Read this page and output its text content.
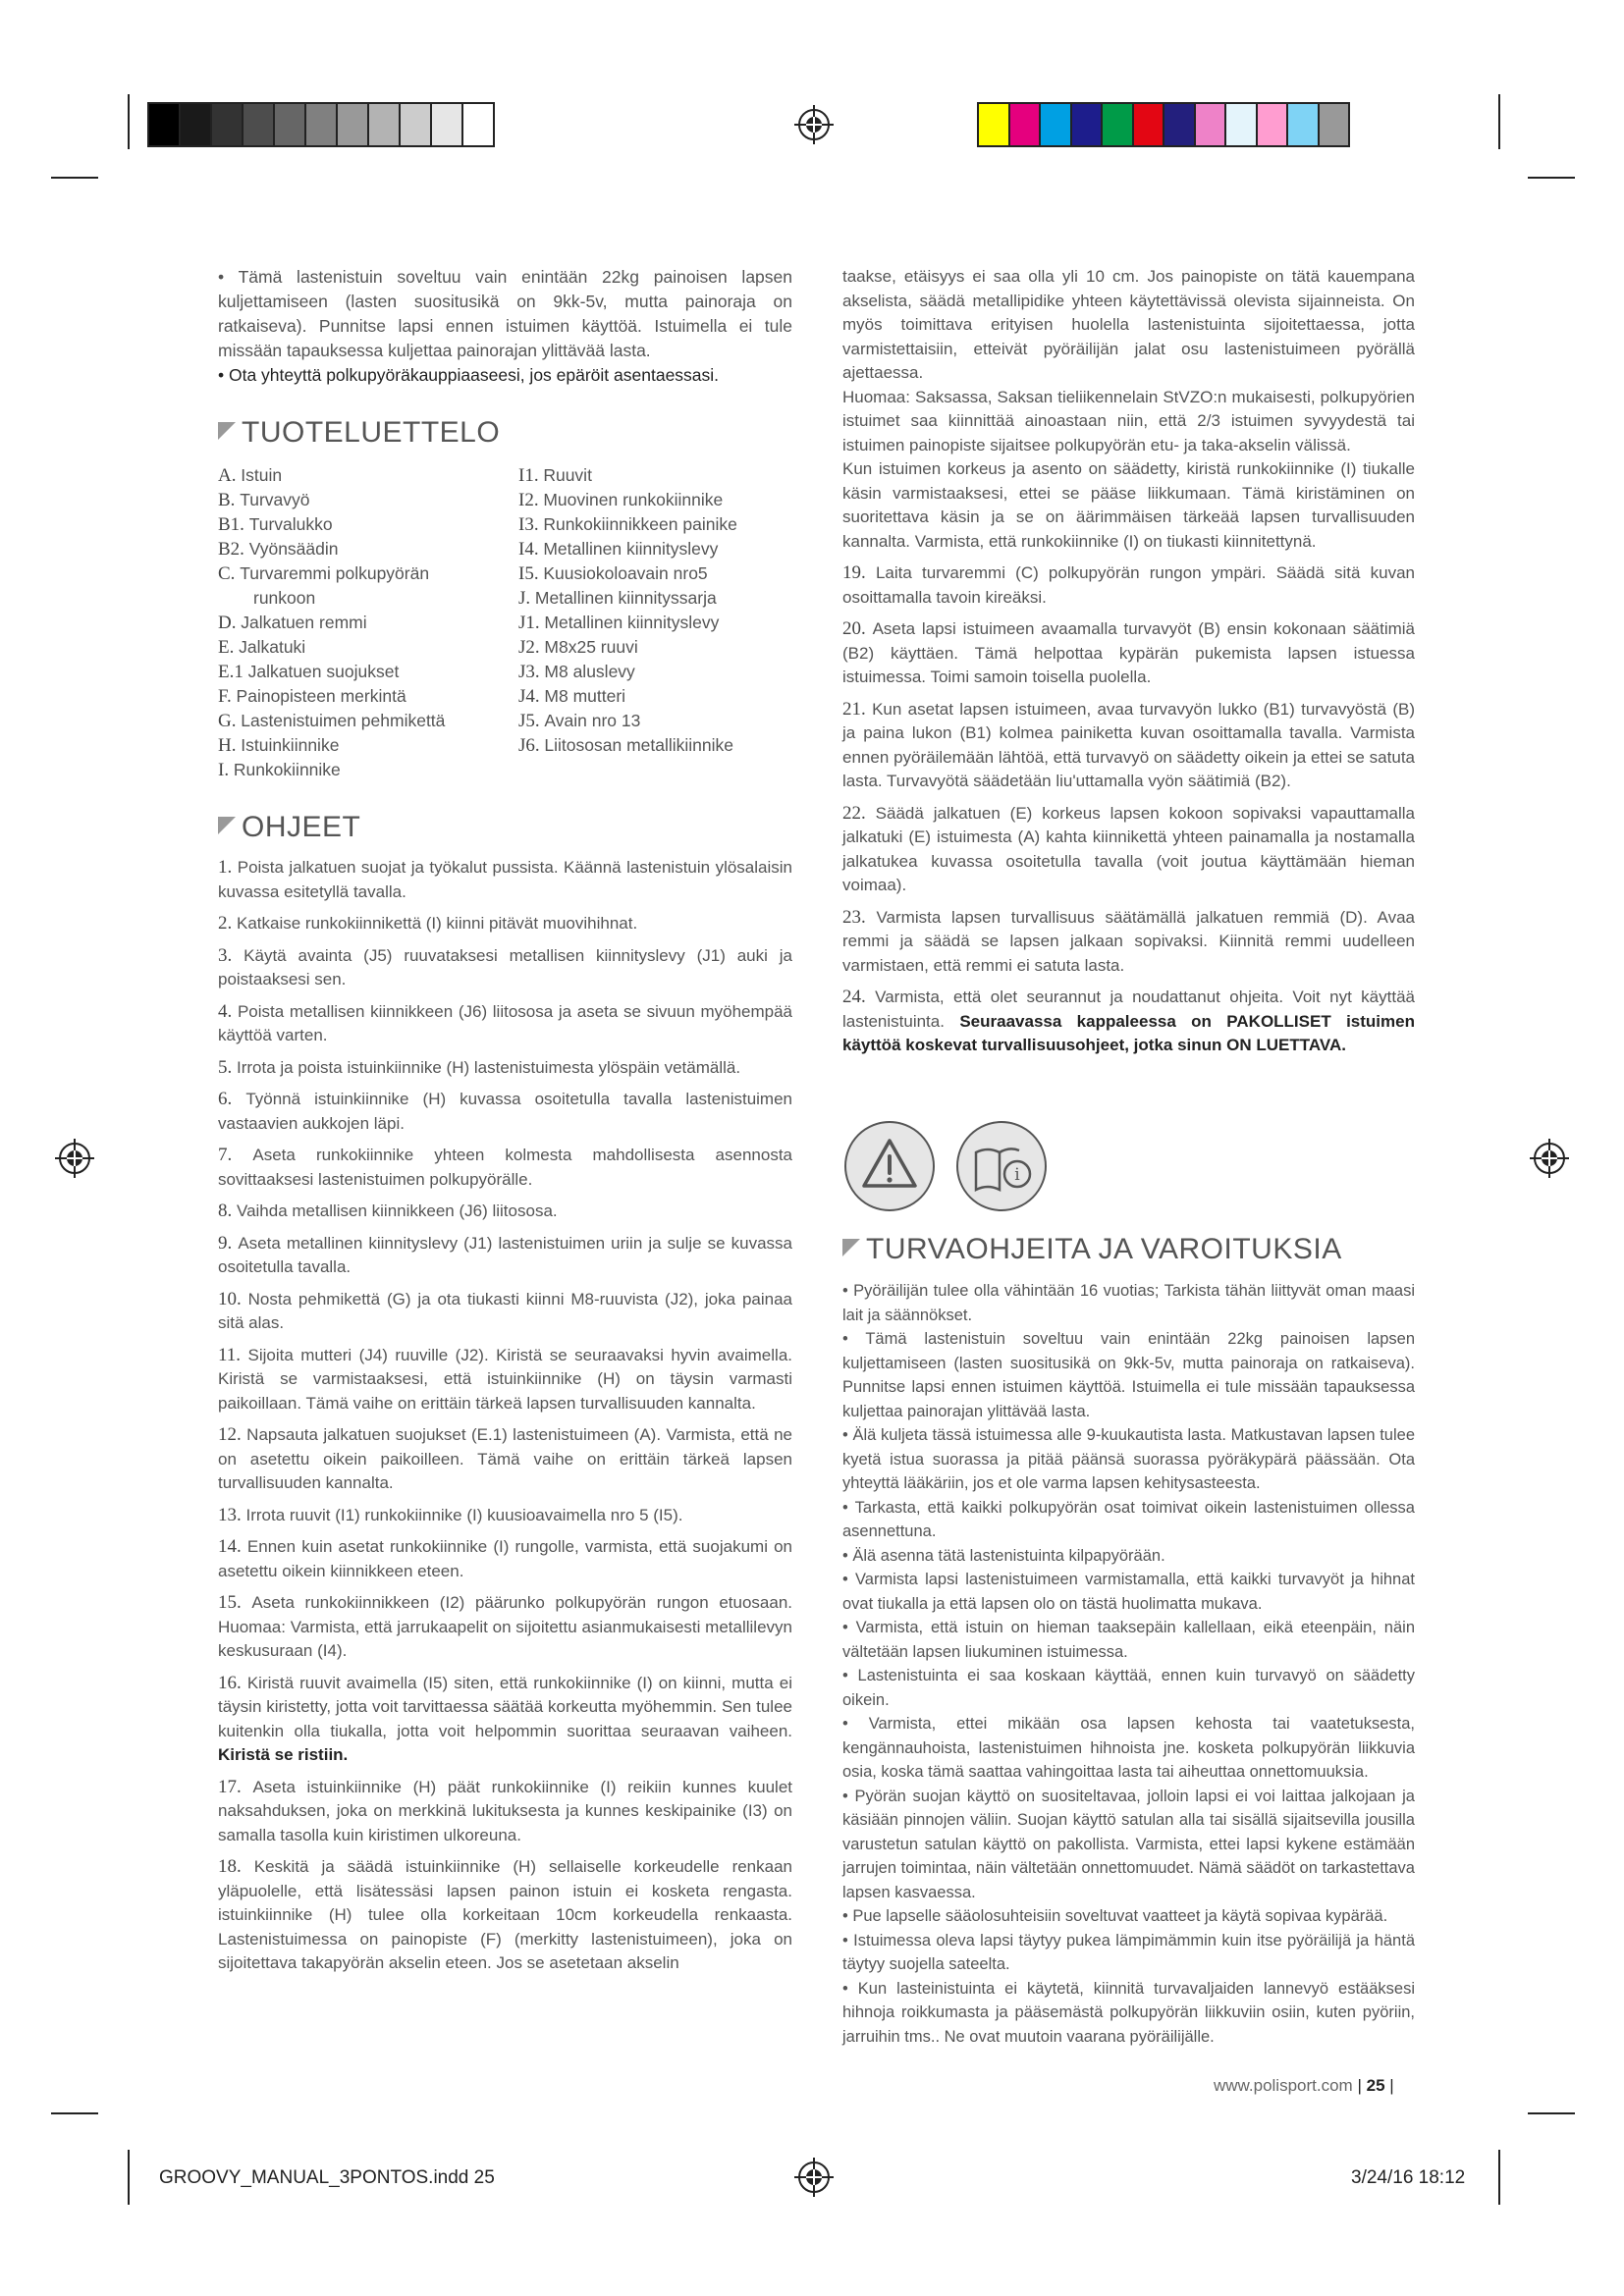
• Tämä lastenistuin soveltuu vain enintään 22kg painoisen lapsen kuljettamiseen (lasten suositusikä on 9kk-5v, mutta painoraja on ratkaiseva). Punnitse lapsi ennen istuimen käyttöä. Istuimella ei tule missään tapauksessa kuljettaa painorajan ylittävää lasta.

• Ota yhteyttä polkupyöräkauppiaaseesi, jos epäröit asentaessasi.

TUOTELUETTELO
A. Istuin
B. Turvavyö
B1. Turvalukko
B2. Vyönsäädin
C. Turvaremmi polkupyörän
runkoon
D. Jalkatuen remmi
E. Jalkatuki
E.1 Jalkatuen suojukset
F. Painopisteen merkintä
G. Lastenistuimen pehmikettä
H. Istuinkiinnike
I. Runkokiinnike
I1. Ruuvit
I2. Muovinen runkokiinnike
I3. Runkokiinnikkeen painike
I4. Metallinen kiinnityslevy
I5. Kuusiokoloavain nro5
J. Metallinen kiinnityssarja
J1. Metallinen kiinnityslevy
J2. M8x25 ruuvi
J3. M8 aluslevy
J4. M8 mutteri
J5. Avain nro 13
J6. Liitososan metallikiinnike
OHJEET

1. Poista jalkatuen suojat ja työkalut pussista. Käännä lastenistuin ylösalaisin kuvassa esitetyllä tavalla.

2. Katkaise runkokiinnikettä (I) kiinni pitävät muovihihnat.

3. Käytä avainta (J5) ruuvataksesi metallisen kiinnityslevy (J1) auki ja poistaaksesi sen.

4. Poista metallisen kiinnikkeen (J6) liitososa ja aseta se sivuun myöhempää käyttöä varten.

5. Irrota ja poista istuinkiinnike (H) lastenistuimesta ylöspäin vetämällä.

6. Työnnä istuinkiinnike (H) kuvassa osoitetulla tavalla lastenistuimen vastaavien aukkojen läpi.

7. Aseta runkokiinnike yhteen kolmesta mahdollisesta asennosta sovittaaksesi lastenistuimen polkupyörälle.

8. Vaihda metallisen kiinnikkeen (J6) liitososa.

9. Aseta metallinen kiinnityslevy (J1) lastenistuimen uriin ja sulje se kuvassa osoitetulla tavalla.

10. Nosta pehmikettä (G) ja ota tiukasti kiinni M8-ruuvista (J2), joka painaa sitä alas.

11. Sijoita mutteri (J4) ruuville (J2). Kiristä se seuraavaksi hyvin avaimella. Kiristä se varmistaaksesi, että istuinkiinnike (H) on täysin varmasti paikoillaan. Tämä vaihe on erittäin tärkeä lapsen turvallisuuden kannalta.

12. Napsauta jalkatuen suojukset (E.1) lastenistuimeen (A). Varmista, että ne on asetettu oikein paikoilleen. Tämä vaihe on erittäin tärkeä lapsen turvallisuuden kannalta.

13. Irrota ruuvit (I1) runkokiinnike (I) kuusioavaimella nro 5 (I5).

14. Ennen kuin asetat runkokiinnike (I) rungolle, varmista, että suojakumi on asetettu oikein kiinnikkeen eteen.

15. Aseta runkokiinnikkeen (I2) päärunko polkupyörän rungon etuosaan. Huomaa: Varmista, että jarrukaapelit on sijoitettu asianmukaisesti metallilevyn keskusuraan (I4).

16. Kiristä ruuvit avaimella (I5) siten, että runkokiinnike (I) on kiinni, mutta ei täysin kiristetty, jotta voit tarvittaessa säätää korkeutta myöhemmin. Sen tulee kuitenkin olla tiukalla, jotta voit helpommin suorittaa seuraavan vaiheen. Kiristä se ristiin.

17. Aseta istuinkiinnike (H) päät runkokiinnike (I) reikiin kunnes kuulet naksahduksen, joka on merkkinä lukituksesta ja kunnes keskipainike (I3) on samalla tasolla kuin kiristimen ulkoreuna.

18. Keskitä ja säädä istuinkiinnike (H) sellaiselle korkeudelle renkaan yläpuolelle, että lisätessäsi lapsen painon istuin ei kosketa rengasta. istuinkiinnike (H) tulee olla korkeitaan 10cm korkeudella renkaasta. Lastenistuimessa on painopiste (F) (merkitty lastenistuimeen), joka on sijoitettava takapyörän akselin eteen. Jos se asetetaan akselin

taakse, etäisyys ei saa olla yli 10 cm. Jos painopiste on tätä kauempana akselista, säädä metallipidike yhteen käytettävissä olevista sijainneista. On myös toimittava erityisen huolella lastenistuinta sijoitettaessa, jotta varmistettaisiin, etteivät pyöräilijän jalat osu lastenistuimeen pyörällä ajettaessa.

Huomaa: Saksassa, Saksan tieliikennelain StVZO:n mukaisesti, polkupyörien istuimet saa kiinnittää ainoastaan niin, että 2/3 istuimen syvyydestä tai istuimen painopiste sijaitsee polkupyörän etu- ja taka-akselin välissä.

Kun istuimen korkeus ja asento on säädetty, kiristä runkokiinnike (I) tiukalle käsin varmistaaksesi, ettei se pääse liikkumaan. Tämä kiristäminen on suoritettava käsin ja se on äärimmäisen tärkeää lapsen turvallisuuden kannalta. Varmista, että runkokiinnike (I) on tiukasti kiinnitettynä.

19. Laita turvaremmi (C) polkupyörän rungon ympäri. Säädä sitä kuvan osoittamalla tavoin kireäksi.

20. Aseta lapsi istuimeen avaamalla turvavyöt (B) ensin kokonaan säätimiä (B2) käyttäen. Tämä helpottaa kypärän pukemista lapsen istuessa istuimessa. Toimi samoin toisella puolella.

21. Kun asetat lapsen istuimeen, avaa turvavyön lukko (B1) turvavyöstä (B) ja paina lukon (B1) kolmea painiketta kuvan osoittamalla tavalla. Varmista ennen pyöräilemään lähtöä, että turvavyö on säädetty oikein ja ettei se satuta lasta. Turvavyötä säädetään liu'uttamalla vyön säätimiä (B2).

22. Säädä jalkatuen (E) korkeus lapsen kokoon sopivaksi vapauttamalla jalkatuki (E) istuimesta (A) kahta kiinnikettä yhteen painamalla ja nostamalla jalkatukea kuvassa osoitetulla tavalla (voit joutua käyttämään hieman voimaa).

23. Varmista lapsen turvallisuus säätämällä jalkatuen remmiä (D). Avaa remmi ja säädä se lapsen jalkaan sopivaksi. Kiinnitä remmi uudelleen varmistaen, että remmi ei satuta lasta.

24. Varmista, että olet seurannut ja noudattanut ohjeita. Voit nyt käyttää lastenistuinta. Seuraavassa kappaleessa on PAKOLLISET istuimen käyttöä koskevat turvallisuusohjeet, jotka sinun ON LUETTAVA.

i
TURVAOHJEITA JA VAROITUKSIA

• Pyöräilijän tulee olla vähintään 16 vuotias; Tarkista tähän liittyvät oman maasi lait ja säännökset.

• Tämä lastenistuin soveltuu vain enintään 22kg painoisen lapsen kuljettamiseen (lasten suositusikä on 9kk-5v, mutta painoraja on ratkaiseva). Punnitse lapsi ennen istuimen käyttöä. Istuimella ei tule missään tapauksessa kuljettaa painorajan ylittävää lasta.

• Älä kuljeta tässä istuimessa alle 9-kuukautista lasta. Matkustavan lapsen tulee kyetä istua suorassa ja pitää päänsä suorassa pyöräkypärä päässään. Ota yhteyttä lääkäriin, jos et ole varma lapsen kehitysasteesta.

• Tarkasta, että kaikki polkupyörän osat toimivat oikein lastenistuimen ollessa asennettuna.

• Älä asenna tätä lastenistuinta kilpapyörään.

• Varmista lapsi lastenistuimeen varmistamalla, että kaikki turvavyöt ja hihnat ovat tiukalla ja että lapsen olo on tästä huolimatta mukava.

• Varmista, että istuin on hieman taaksepäin kallellaan, eikä eteenpäin, näin vältetään lapsen liukuminen istuimessa.

• Lastenistuinta ei saa koskaan käyttää, ennen kuin turvavyö on säädetty oikein.

• Varmista, ettei mikään osa lapsen kehosta tai vaatetuksesta, kengännauhoista, lastenistuimen hihnoista jne. kosketa polkupyörän liikkuvia osia, koska tämä saattaa vahingoittaa lasta tai aiheuttaa onnettomuuksia.

• Pyörän suojan käyttö on suositeltavaa, jolloin lapsi ei voi laittaa jalkojaan ja käsiään pinnojen väliin. Suojan käyttö satulan alla tai sisällä sijaitsevilla jousilla varustetun satulan käyttö on pakollista. Varmista, ettei lapsi kykene estämään jarrujen toimintaa, näin vältetään onnettomuudet. Nämä säädöt on tarkastettava lapsen kasvaessa.

• Pue lapselle sääolosuhteisiin soveltuvat vaatteet ja käytä sopivaa kypärää.

• Istuimessa oleva lapsi täytyy pukea lämpimämmin kuin itse pyöräilijä ja häntä täytyy suojella sateelta.

• Kun lasteinistuinta ei käytetä, kiinnitä turvavaljaiden lannevyö estääksesi hihnoja roikkumasta ja pääsemästä polkupyörän liikkuviin osiin, kuten pyöriin, jarruihin tms.. Ne ovat muutoin vaarana pyöräilijälle.

www.polisport.com | 25 |
GROOVY_MANUAL_3PONTOS.indd 25	3/24/16 18:12
